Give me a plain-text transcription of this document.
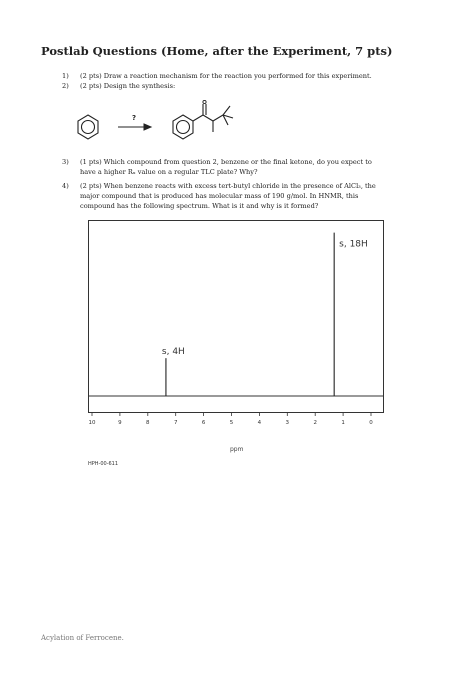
Postlab Questions (Home, after the Experiment, 7 pts)
1) (2 pts) Draw a reaction mechanism for the reaction you performed for this experiment.
2) (2 pts) Design the synthesis:
?
3) (1 pts) Which compound from question 2, benzene or the final ketone, do you expect to
have a higher Rₓ value on a regular TLC plate? Why?
4) (2 pts) When benzene reacts with excess tert-butyl chloride in the presence of AlCl₃, the
major compound that is produced has molecular mass of 190 g/mol. In HNMR, this
compound has the following spectrum. What is it and why is it formed?
10	9	8	7	6	5	4	3	2	1	0
s, 4H
s, 18H
HPH-00-611
ppm
Acylation of Ferrocene.
